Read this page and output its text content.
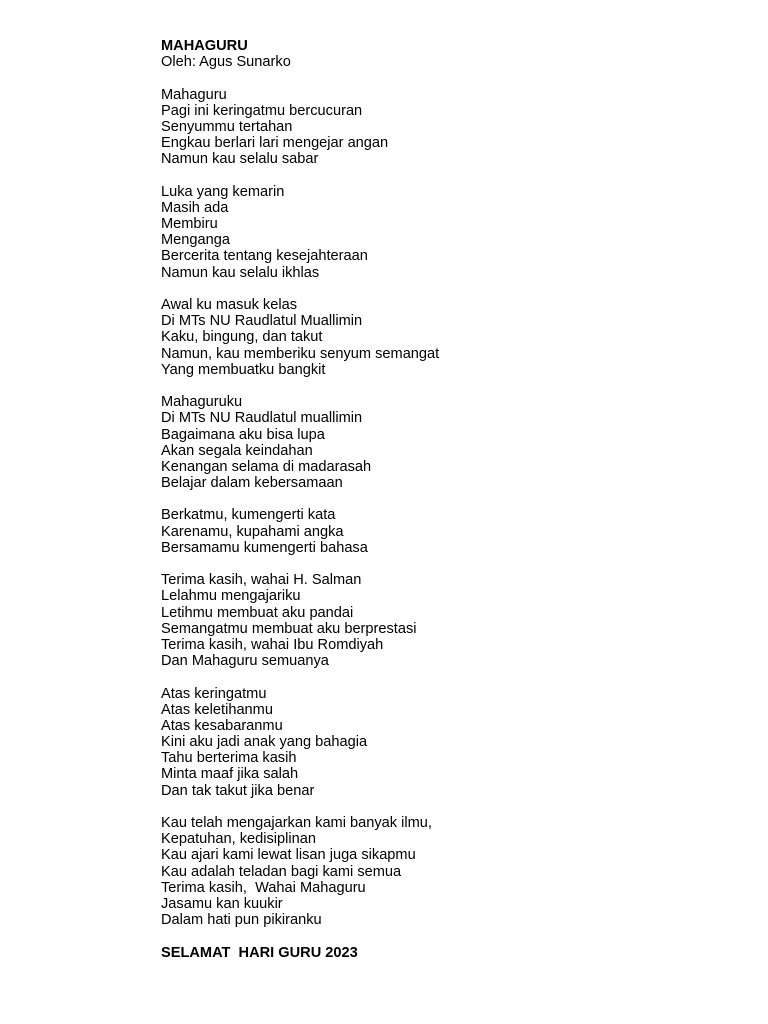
MAHAGURU
Oleh: Agus Sunarko
Mahaguru
Pagi ini keringatmu bercucuran
Senyummu tertahan
Engkau berlari lari mengejar angan
Namun kau selalu sabar
Luka yang kemarin
Masih ada
Membiru
Menganga
Bercerita tentang kesejahteraan
Namun kau selalu ikhlas
Awal ku masuk kelas
Di MTs NU Raudlatul Muallimin
Kaku, bingung, dan takut
Namun, kau memberiku senyum semangat
Yang membuatku bangkit
Mahaguruku
Di MTs NU Raudlatul muallimin
Bagaimana aku bisa lupa
Akan segala keindahan
Kenangan selama di madarasah
Belajar dalam kebersamaan
Berkatmu, kumengerti kata
Karenamu, kupahami angka
Bersamamu kumengerti bahasa
Terima kasih, wahai H. Salman
Lelahmu mengajariku
Letihmu membuat aku pandai
Semangatmu membuat aku berprestasi
Terima kasih, wahai Ibu Romdiyah
Dan Mahaguru semuanya
Atas keringatmu
Atas keletihanmu
Atas kesabaranmu
Kini aku jadi anak yang bahagia
Tahu berterima kasih
Minta maaf jika salah
Dan tak takut jika benar
Kau telah mengajarkan kami banyak ilmu,
Kepatuhan, kedisiplinan
Kau ajari kami lewat lisan juga sikapmu
Kau adalah teladan bagi kami semua
Terima kasih,  Wahai Mahaguru
Jasamu kan kuukir
Dalam hati pun pikiranku
SELAMAT  HARI GURU 2023
